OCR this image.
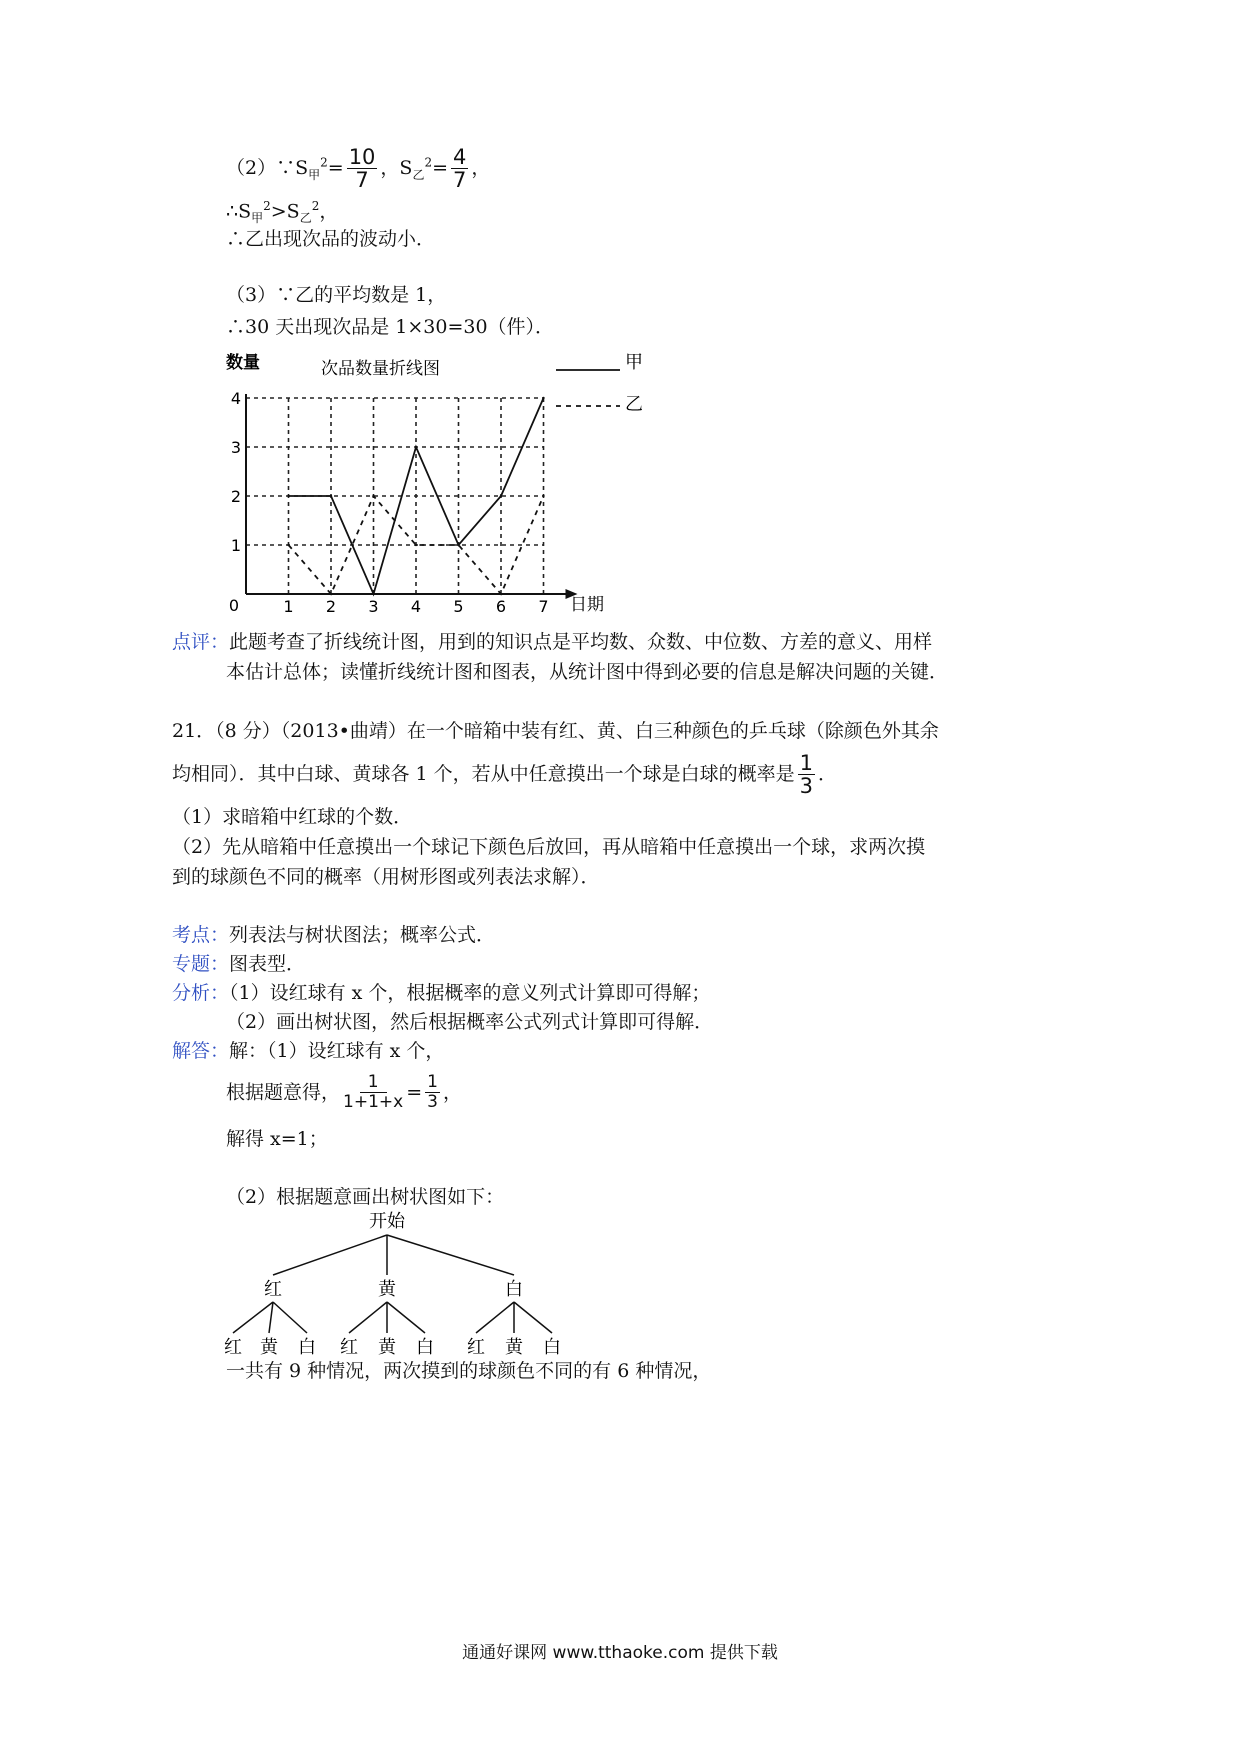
$(2)\because S_甲^2= \frac{10}{7}$ ，$S_乙^2= \frac{4}{7}$ ，
$\therefore S_甲^2>S_乙^2$，
∴乙出现次品的波动小．
（3）∵乙的平均数是 1，
∴30 天出现次品是 1×30=30（件）．
数量	次品数量折线图
日期
0	1 2 3 4 5 6 7
1
2
3
4
甲
乙
点评：此题考查了折线统计图，用到的知识点是平均数、众数、中位数、方差的意义、用样
本估计总体；读懂折线统计图和图表，从统计图中得到必要的信息是解决问题的关键．
21．（8 分）（2013•曲靖）在一个暗箱中装有红、黄、白三种颜色的乒乓球（除颜色外其余
均相同）．其中白球、黄球各 1 个，若从中任意摸出一个球是白球的概率是 $\frac{1}{3}$ ．
（1）求暗箱中红球的个数．
（2）先从暗箱中任意摸出一个球记下颜色后放回，再从暗箱中任意摸出一个球，求两次摸
到的球颜色不同的概率（用树形图或列表法求解）．
考点：列表法与树状图法；概率公式．
专题：图表型．
分析：（1）设红球有 x 个，根据概率的意义列式计算即可得解；
（2）画出树状图，然后根据概率公式列式计算即可得解．
解答：解：（1）设红球有 x 个，
根据题意得， $\frac{1}{1+1+x} = \frac{1}{3}$ ，
解得 x=1；
（2）根据题意画出树状图如下：
开始
红	黄	白
红 黄 白 红 黄 白 红 黄 白
一共有 9 种情况，两次摸到的球颜色不同的有 6 种情况，
通通好课网 www.tthaoke.com 提供下载
